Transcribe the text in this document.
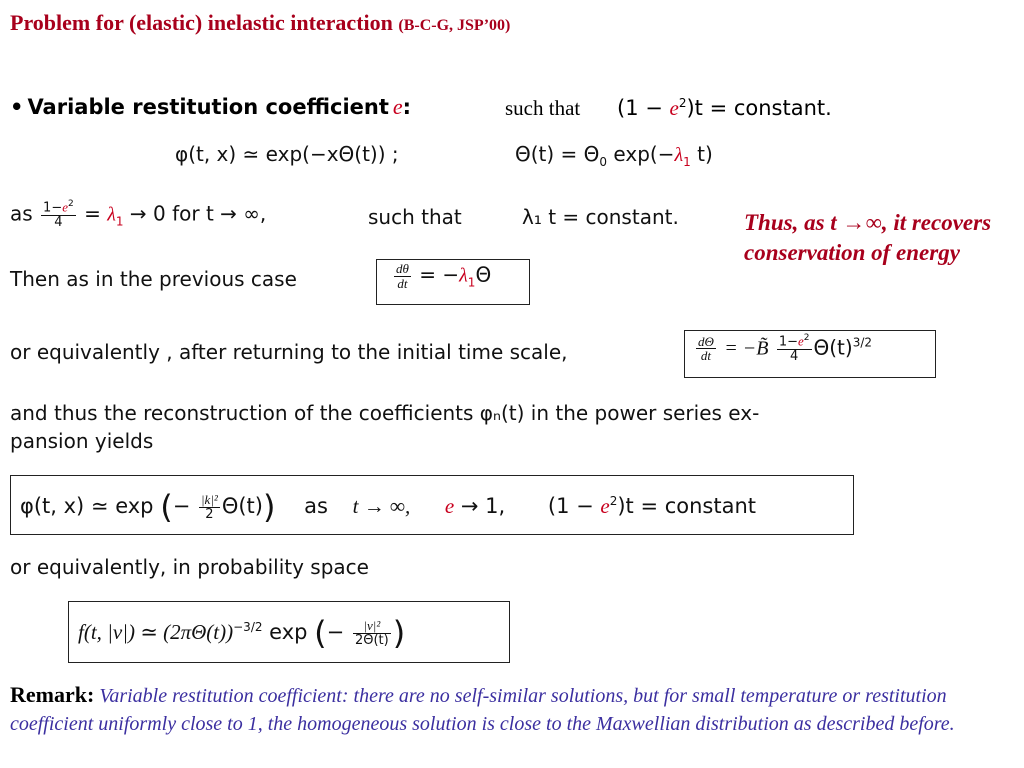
Problem for (elastic) inelastic interaction (B-C-G, JSP’00)
• Variable restitution coefficient e:	such that $(1 - e^2)t$ = constant.
φ(t, x) ≃ exp(−xΘ(t)) ;	$\Theta(t) = \Theta_0$ $\exp(-\lambda_1$ t)
as $\frac{1-e^2}{4} = \lambda_1 \to 0$ for t → ∞,	such that	λ₁ t = constant.	Thus, as t →∞, it recovers
conservation of energy
Then as in the previous case	$\frac{d\theta}{dt} = -\lambda_1\Theta$
or equivalently , after returning to the initial time scale,	$\frac{d\Theta}{dt}$ = −B̃ $\frac{1-e^2}{4} \Theta(t)^{3/2}$
and thus the reconstruction of the coefficients φₙ(t) in the power series ex-
pansion yields
φ(t, x) ≃ exp (− $\frac{\text{|k|²}}{2} \Theta(t)$) as t → ∞, e → 1, $(1 - e^2)t$ = constant
or equivalently, in probability space
f(t, |v|) ≃ $(2\pi\Theta(t))^{-3/2}$ exp (− $\frac{\text{|v|²}}{2\Theta(t)}$ )
Remark: Variable restitution coefficient: there are no self-similar solutions, but for small temperature or restitution coefficient uniformly close to 1, the homogeneous solution is close to the Maxwellian distribution as described before.
